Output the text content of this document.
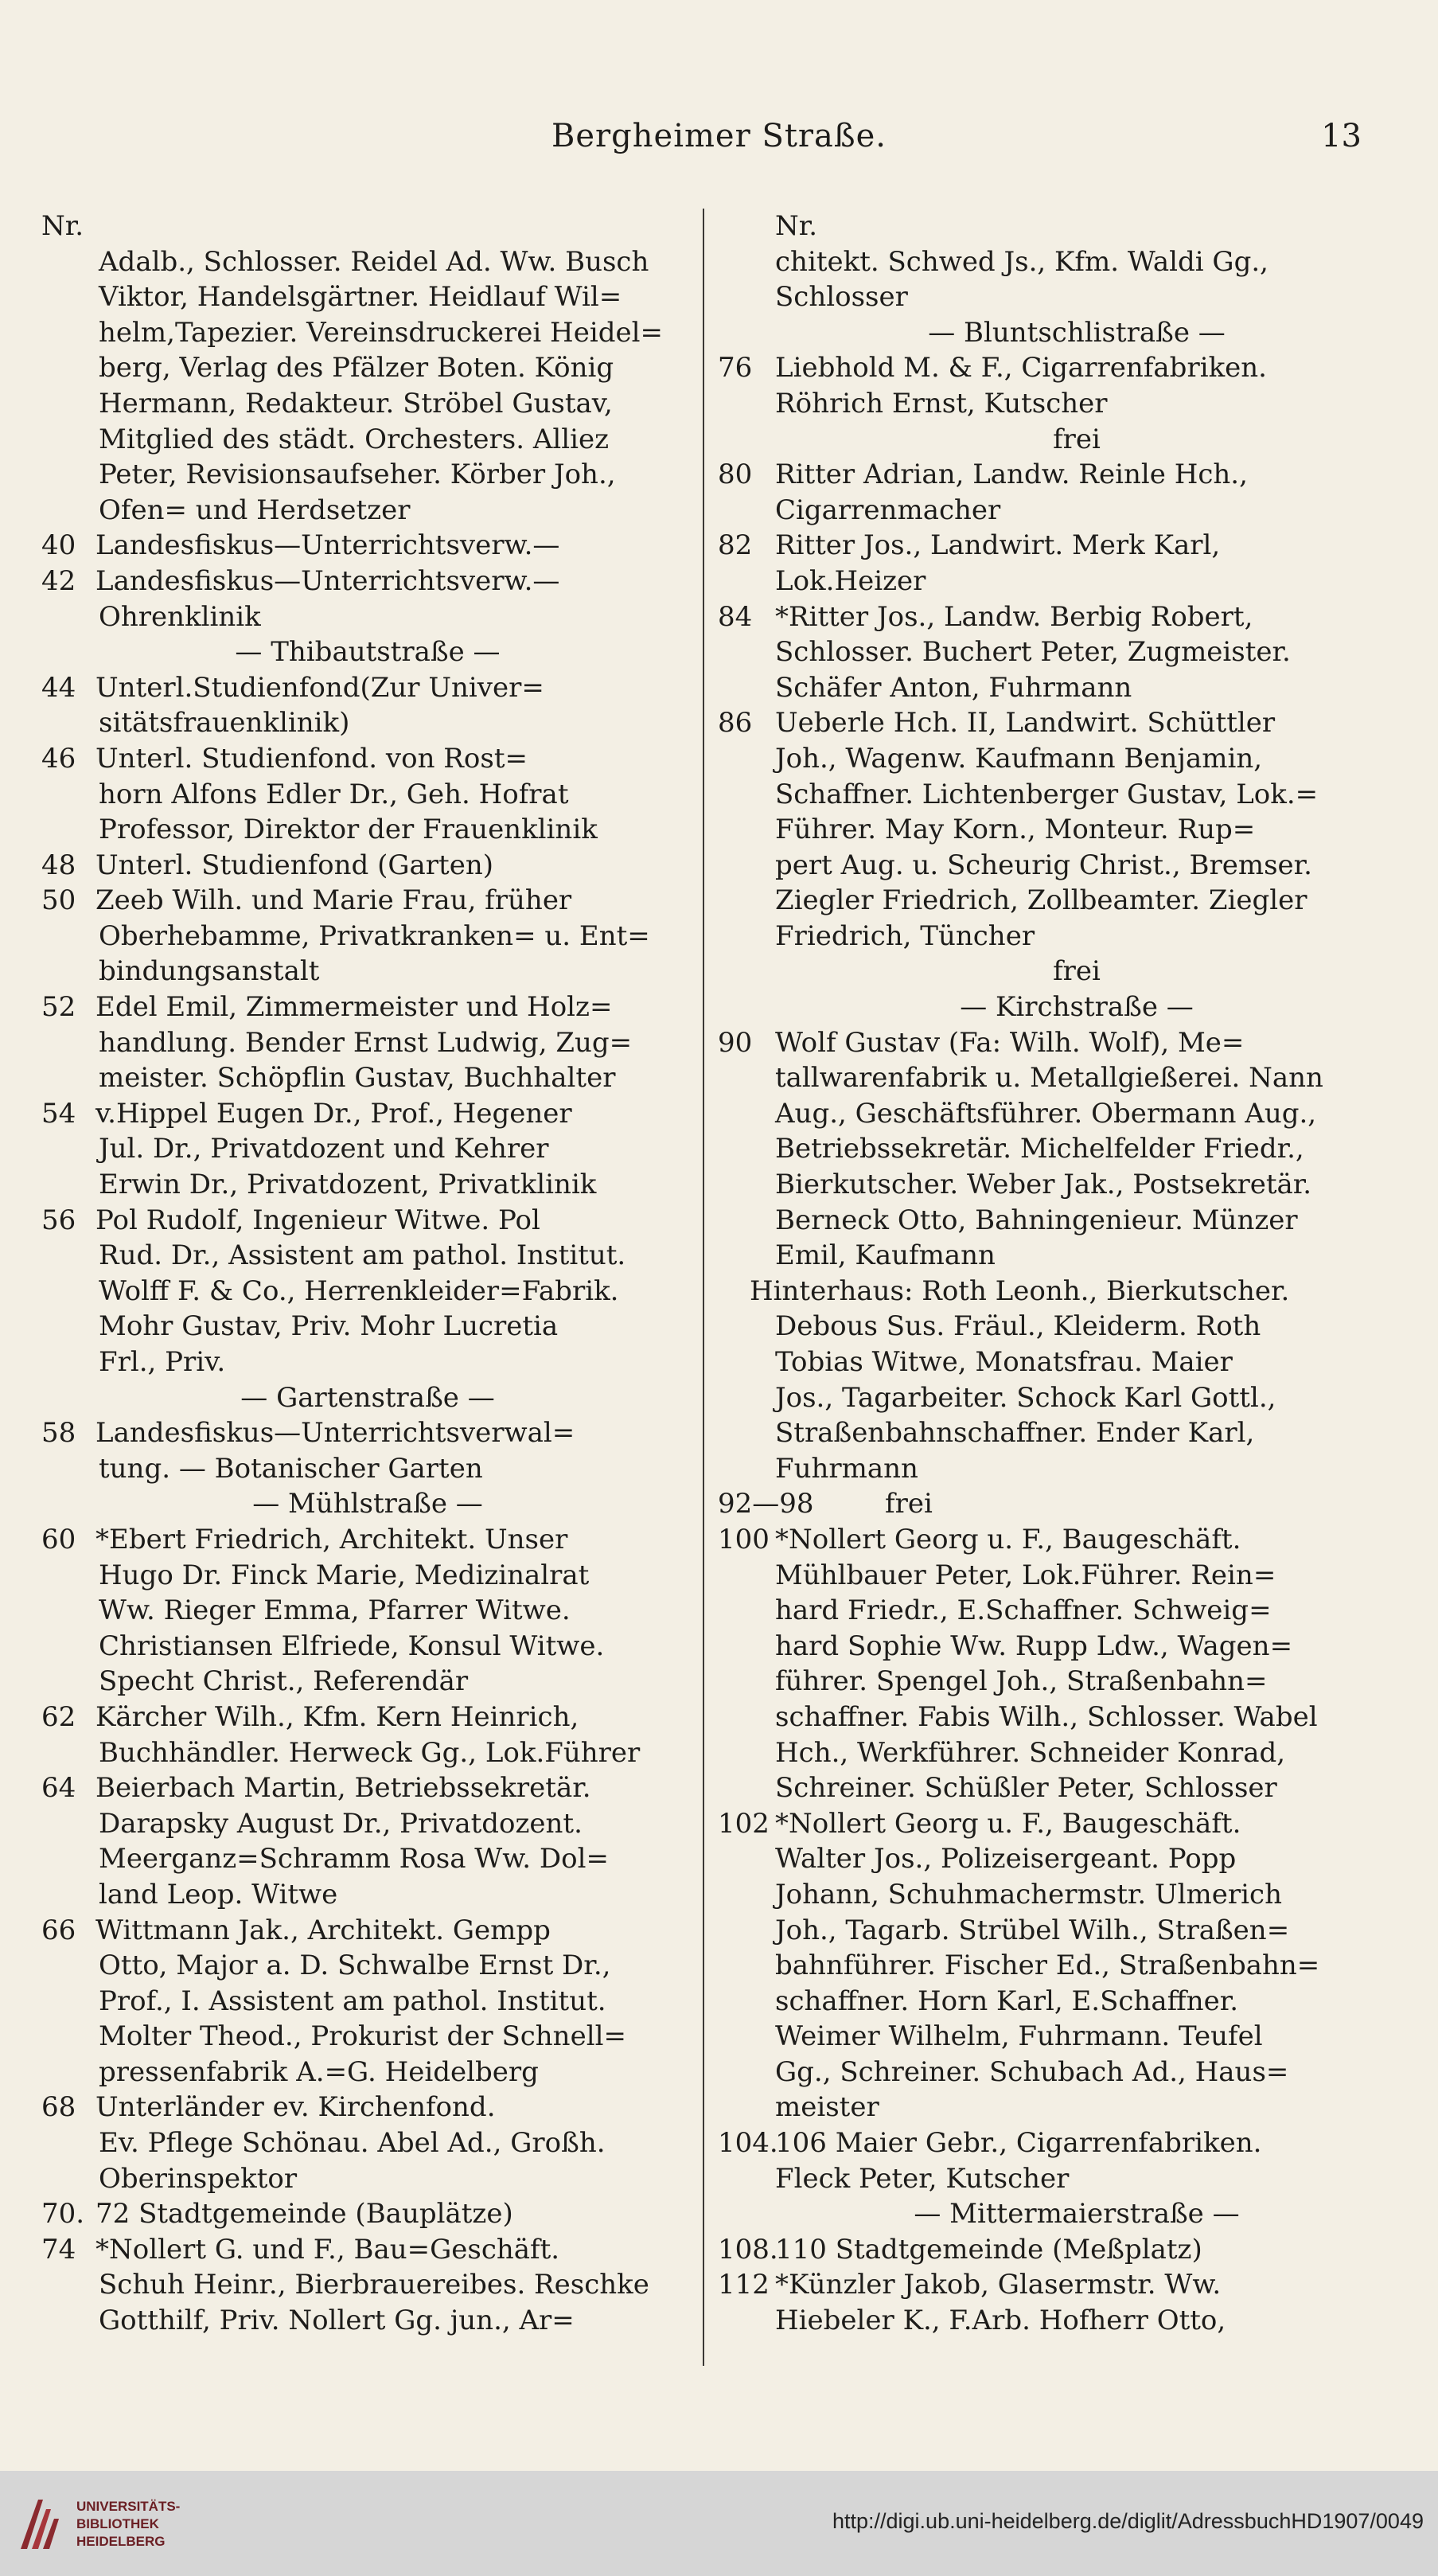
Bergheimer Straße.	13
Nr.
Adalb., Schlosser. Reidel Ad. Ww. Busch
Viktor, Handelsgärtner. Heidlauf Wil=
helm,Tapezier. Vereinsdruckerei Heidel=
berg, Verlag des Pfälzer Boten. König
Hermann, Redakteur. Ströbel Gustav,
Mitglied des städt. Orchesters. Alliez
Peter, Revisionsaufseher. Körber Joh.,
Ofen= und Herdsetzer
40 Landesfiskus—Unterrichtsverw.—
42 Landesfiskus—Unterrichtsverw.—
Ohrenklinik
— Thibautstraße —
44 Unterl.Studienfond(Zur Univer=
sitätsfrauenklinik)
46 Unterl. Studienfond. von Rost=
horn Alfons Edler Dr., Geh. Hofrat
Professor, Direktor der Frauenklinik
48 Unterl. Studienfond (Garten)
50 Zeeb Wilh. und Marie Frau, früher
Oberhebamme, Privatkranken= u. Ent=
bindungsanstalt
52 Edel Emil, Zimmermeister und Holz=
handlung. Bender Ernst Ludwig, Zug=
meister. Schöpflin Gustav, Buchhalter
54 v.Hippel Eugen Dr., Prof., Hegener
Jul. Dr., Privatdozent und Kehrer
Erwin Dr., Privatdozent, Privatklinik
56 Pol Rudolf, Ingenieur Witwe. Pol
Rud. Dr., Assistent am pathol. Institut.
Wolff F. & Co., Herrenkleider=Fabrik.
Mohr Gustav, Priv. Mohr Lucretia
Frl., Priv.
— Gartenstraße —
58 Landesfiskus—Unterrichtsverwal=
tung. — Botanischer Garten
— Mühlstraße —
60 *Ebert Friedrich, Architekt. Unser
Hugo Dr. Finck Marie, Medizinalrat
Ww. Rieger Emma, Pfarrer Witwe.
Christiansen Elfriede, Konsul Witwe.
Specht Christ., Referendär
62 Kärcher Wilh., Kfm. Kern Heinrich,
Buchhändler. Herweck Gg., Lok.Führer
64 Beierbach Martin, Betriebssekretär.
Darapsky August Dr., Privatdozent.
Meerganz=Schramm Rosa Ww. Dol=
land Leop. Witwe
66 Wittmann Jak., Architekt. Gempp
Otto, Major a. D. Schwalbe Ernst Dr.,
Prof., I. Assistent am pathol. Institut.
Molter Theod., Prokurist der Schnell=
pressenfabrik A.=G. Heidelberg
68 Unterländer ev. Kirchenfond.
Ev. Pflege Schönau. Abel Ad., Großh.
Oberinspektor
70. 72 Stadtgemeinde (Bauplätze)
74 *Nollert G. und F., Bau=Geschäft.
Schuh Heinr., Bierbrauereibes. Reschke
Gotthilf, Priv. Nollert Gg. jun., Ar=
Nr.
chitekt. Schwed Js., Kfm. Waldi Gg.,
Schlosser
— Bluntschlistraße —
76 Liebhold M. & F., Cigarrenfabriken.
Röhrich Ernst, Kutscher
frei
80 Ritter Adrian, Landw. Reinle Hch.,
Cigarrenmacher
82 Ritter Jos., Landwirt. Merk Karl,
Lok.Heizer
84 *Ritter Jos., Landw. Berbig Robert,
Schlosser. Buchert Peter, Zugmeister.
Schäfer Anton, Fuhrmann
86 Ueberle Hch. II, Landwirt. Schüttler
Joh., Wagenw. Kaufmann Benjamin,
Schaffner. Lichtenberger Gustav, Lok.=
Führer. May Korn., Monteur. Rup=
pert Aug. u. Scheurig Christ., Bremser.
Ziegler Friedrich, Zollbeamter. Ziegler
Friedrich, Tüncher
frei
— Kirchstraße —
90 Wolf Gustav (Fa: Wilh. Wolf), Me=
tallwarenfabrik u. Metallgießerei. Nann
Aug., Geschäftsführer. Obermann Aug.,
Betriebssekretär. Michelfelder Friedr.,
Bierkutscher. Weber Jak., Postsekretär.
Berneck Otto, Bahningenieur. Münzer
Emil, Kaufmann
Hinterhaus: Roth Leonh., Bierkutscher.
Debous Sus. Fräul., Kleiderm. Roth
Tobias Witwe, Monatsfrau. Maier
Jos., Tagarbeiter. Schock Karl Gottl.,
Straßenbahnschaffner. Ender Karl,
Fuhrmann
92—98	frei
100 *Nollert Georg u. F., Baugeschäft.
Mühlbauer Peter, Lok.Führer. Rein=
hard Friedr., E.Schaffner. Schweig=
hard Sophie Ww. Rupp Ldw., Wagen=
führer. Spengel Joh., Straßenbahn=
schaffner. Fabis Wilh., Schlosser. Wabel
Hch., Werkführer. Schneider Konrad,
Schreiner. Schüßler Peter, Schlosser
102 *Nollert Georg u. F., Baugeschäft.
Walter Jos., Polizeisergeant. Popp
Johann, Schuhmachermstr. Ulmerich
Joh., Tagarb. Strübel Wilh., Straßen=
bahnführer. Fischer Ed., Straßenbahn=
schaffner. Horn Karl, E.Schaffner.
Weimer Wilhelm, Fuhrmann. Teufel
Gg., Schreiner. Schubach Ad., Haus=
meister
104.
106 Maier Gebr., Cigarrenfabriken.
Fleck Peter, Kutscher
— Mittermaierstraße —
108.
110 Stadtgemeinde (Meßplatz)
112 *Künzler Jakob, Glasermstr. Ww.
Hiebeler K., F.Arb. Hofherr Otto,
UNIVERSITÄTS-
BIBLIOTHEK
HEIDELBERG
http://digi.ub.uni-heidelberg.de/diglit/AdressbuchHD1907/0049
